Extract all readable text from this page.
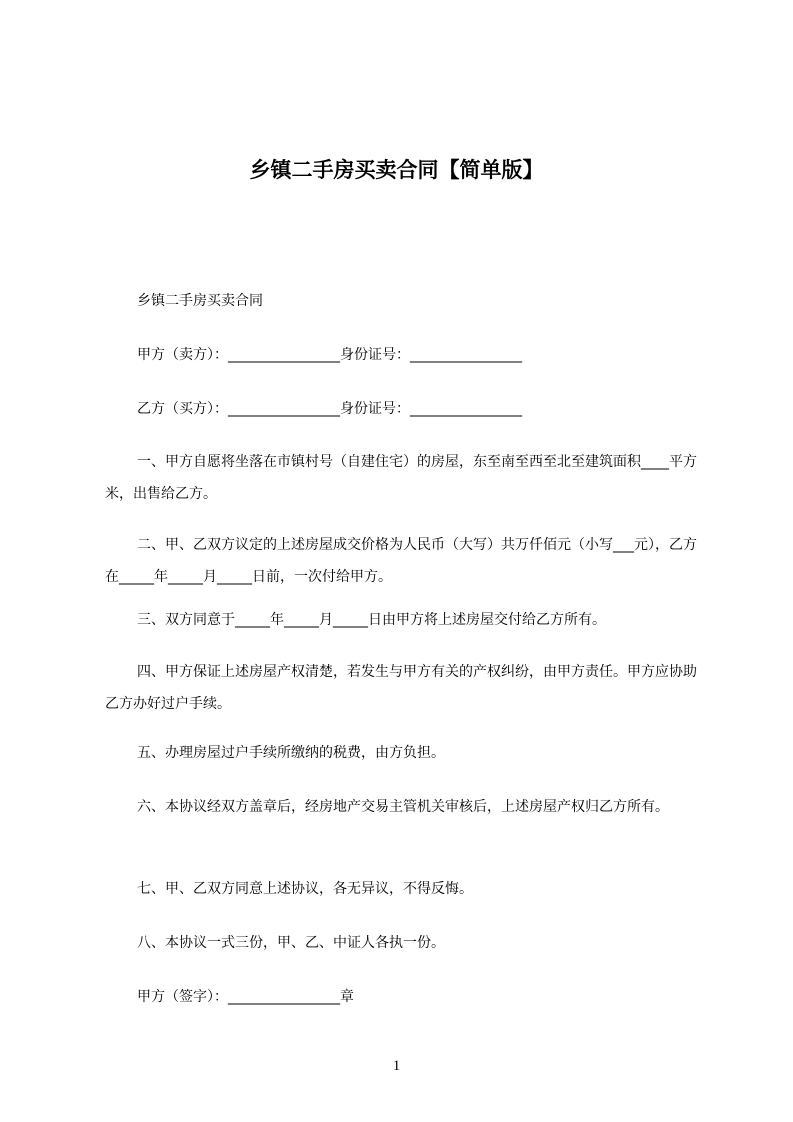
乡镇二手房买卖合同【简单版】

乡镇二手房买卖合同

甲方（卖方）：________________身份证号：________________

乙方（买方）：________________身份证号：________________

一、甲方自愿将坐落在市镇村号（自建住宅）的房屋，东至南至西至北至建筑面积____平方米，出售给乙方。

二、甲、乙双方议定的上述房屋成交价格为人民币（大写）共万仟佰元（小写___元），乙方在_____年_____月_____日前，一次付给甲方。

三、双方同意于_____年_____月_____日由甲方将上述房屋交付给乙方所有。

四、甲方保证上述房屋产权清楚，若发生与甲方有关的产权纠纷，由甲方责任。甲方应协助乙方办好过户手续。

五、办理房屋过户手续所缴纳的税费，由方负担。

六、本协议经双方盖章后，经房地产交易主管机关审核后，上述房屋产权归乙方所有。

七、甲、乙双方同意上述协议，各无异议，不得反悔。

八、本协议一式三份，甲、乙、中证人各执一份。

甲方（签字）：________________章

1
